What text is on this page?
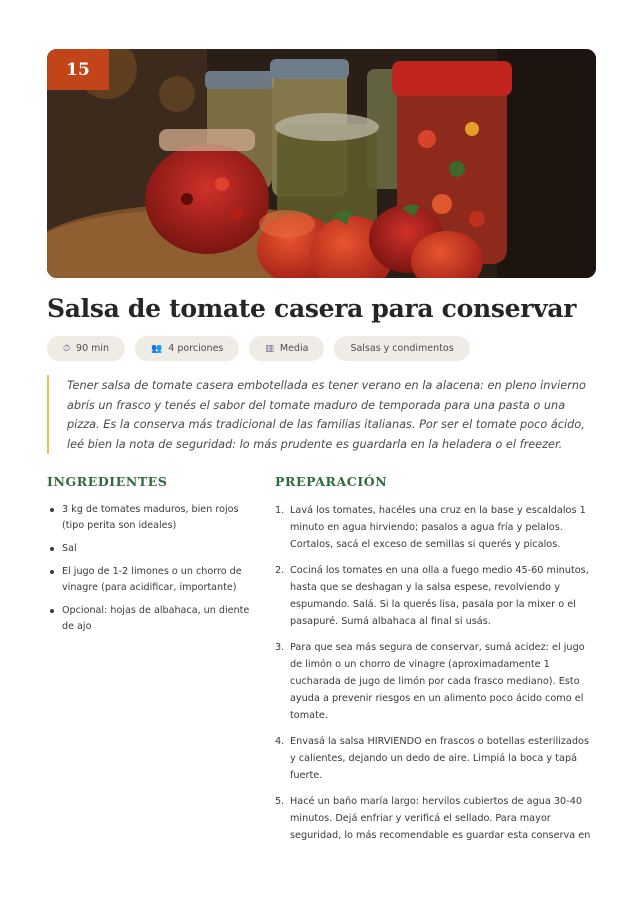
15
Salsa de tomate casera para conservar
⏱ 90 min	👥 4 porciones	▥ Media	Salsas y condimentos

Tener salsa de tomate casera embotellada es tener verano en la alacena: en pleno invierno abrís un frasco y tenés el sabor del tomate maduro de temporada para una pasta o una pizza. Es la conserva más tradicional de las familias italianas. Por ser el tomate poco ácido, leé bien la nota de seguridad: lo más prudente es guardarla en la heladera o el freezer.

INGREDIENTES
3 kg de tomates maduros, bien rojos (tipo perita son ideales)
Sal
El jugo de 1-2 limones o un chorro de vinagre (para acidificar, importante)
Opcional: hojas de albahaca, un diente de ajo
PREPARACIÓN
1. Lavá los tomates, hacéles una cruz en la base y escaldalos 1 minuto en agua hirviendo; pasalos a agua fría y pelalos. Cortalos, sacá el exceso de semillas si querés y picalos.
2. Cociná los tomates en una olla a fuego medio 45-60 minutos, hasta que se deshagan y la salsa espese, revolviendo y espumando. Salá. Si la querés lisa, pasala por la mixer o el pasapuré. Sumá albahaca al final si usás.
3. Para que sea más segura de conservar, sumá acidez: el jugo de limón o un chorro de vinagre (aproximadamente 1 cucharada de jugo de limón por cada frasco mediano). Esto ayuda a prevenir riesgos en un alimento poco ácido como el tomate.
4. Envasá la salsa HIRVIENDO en frascos o botellas esterilizados y calientes, dejando un dedo de aire. Limpiá la boca y tapá fuerte.
5. Hacé un baño maría largo: hervilos cubiertos de agua 30-40 minutos. Dejá enfriar y verificá el sellado. Para mayor seguridad, lo más recomendable es guardar esta conserva en
